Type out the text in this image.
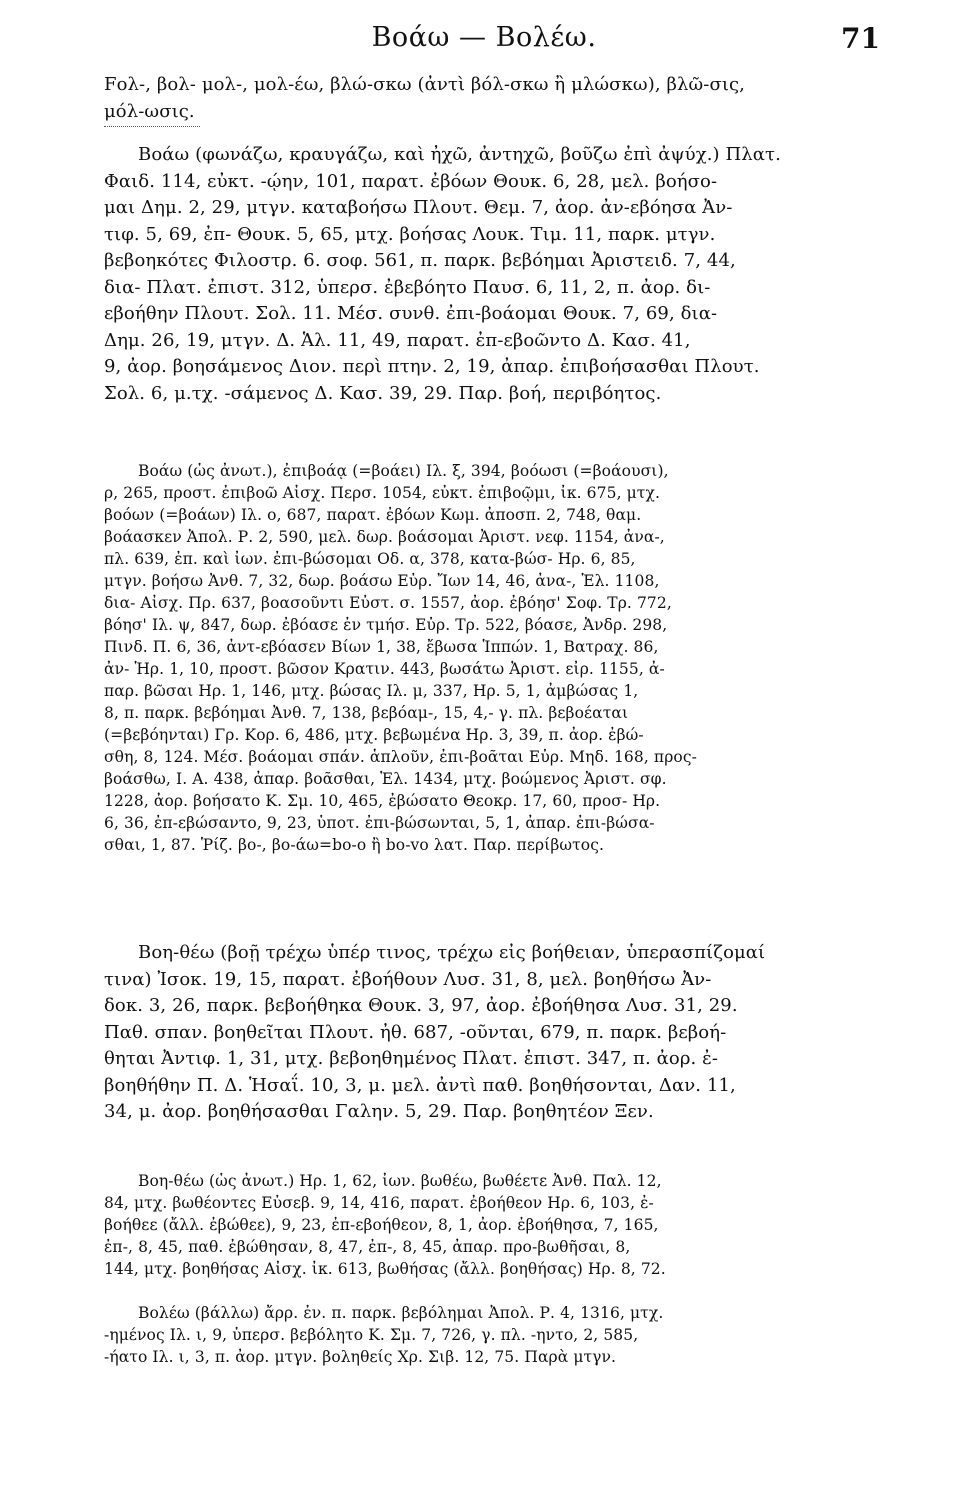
Βοάω — Βολέω.	71
Fολ-, βολ- μολ-, μολ-έω, βλώ-σκω (ἀντὶ βόλ-σκω ἢ μλώσκω), βλῶ-σις,
μόλ-ωσις.
Βοάω (φωνάζω, κραυγάζω, καὶ ἠχῶ, ἀντηχῶ, βοῦζω ἐπὶ ἀψύχ.) Πλατ.
Φαιδ. 114, εὐκτ. -ῴην, 101, παρατ. ἐβόων Θουκ. 6, 28, μελ. βοήσο-
μαι Δημ. 2, 29, μτγν. καταβοήσω Πλουτ. Θεμ. 7, ἀορ. ἀν-εβόησα Ἀν-
τιφ. 5, 69, ἐπ- Θουκ. 5, 65, μτχ. βοήσας Λουκ. Τιμ. 11, παρκ. μτγν.
βεβοηκότες Φιλοστρ. 6. σοφ. 561, π. παρκ. βεβόημαι Ἀριστειδ. 7, 44,
δια- Πλατ. ἐπιστ. 312, ὑπερσ. ἐβεβόητο Παυσ. 6, 11, 2, π. ἀορ. δι-
εβοήθην Πλουτ. Σολ. 11. Μέσ. συνθ. ἐπι-βοάομαι Θουκ. 7, 69, δια-
Δημ. 26, 19, μτγν. Δ. Ἁλ. 11, 49, παρατ. ἐπ-εβοῶντο Δ. Κασ. 41,
9, ἀορ. βοησάμενος Διον. περὶ πτην. 2, 19, ἀπαρ. ἐπιβοήσασθαι Πλουτ.
Σολ. 6, μ.τχ. -σάμενος Δ. Κασ. 39, 29. Παρ. βοή, περιβόητος.
Βοάω (ὡς ἀνωτ.), ἐπιβοάᾳ (=βοάει) Ιλ. ξ, 394, βοόωσι (=βοάουσι),
ρ, 265, προστ. ἐπιβοῶ Αἰσχ. Περσ. 1054, εὐκτ. ἐπιβοῷμι, ἰκ. 675, μτχ.
βοόων (=βοάων) Ιλ. ο, 687, παρατ. ἐβόων Κωμ. ἀποσπ. 2, 748, θαμ.
βοάασκεν Ἀπολ. Ρ. 2, 590, μελ. δωρ. βοάσομαι Ἀριστ. νεφ. 1154, ἀνα-,
πλ. 639, ἐπ. καὶ ἰων. ἐπι-βώσομαι Οδ. α, 378, κατα-βώσ- Ηρ. 6, 85,
μτγν. βοήσω Ἀνθ. 7, 32, δωρ. βοάσω Εὐρ. Ἴων 14, 46, ἀνα-, Ἑλ. 1108,
δια- Αἰσχ. Πρ. 637, βοασοῦντι Εὐστ. σ. 1557, ἀορ. ἐβόησ' Σοφ. Τρ. 772,
βόησ' Ιλ. ψ, 847, δωρ. ἐβόασε ἐν τμήσ. Εὐρ. Τρ. 522, βόασε, Ἀνδρ. 298,
Πινδ. Π. 6, 36, ἀντ-εβόασεν Βίων 1, 38, ἔβωσα Ἱππών. 1, Βατραχ. 86,
ἀν- Ἡρ. 1, 10, προστ. βῶσον Κρατιν. 443, βωσάτω Ἀριστ. εἰρ. 1155, ἀ-
παρ. βῶσαι Ηρ. 1, 146, μτχ. βώσας Ιλ. μ, 337, Ηρ. 5, 1, ἀμβώσας 1,
8, π. παρκ. βεβόημαι Ἀνθ. 7, 138, βεβόαμ-, 15, 4,- γ. πλ. βεβοέαται
(=βεβόηνται) Γρ. Κορ. 6, 486, μτχ. βεβωμένα Ηρ. 3, 39, π. ἀορ. ἐβώ-
σθη, 8, 124. Μέσ. βοάομαι σπάν. ἁπλοῦν, ἐπι-βοᾶται Εὐρ. Μηδ. 168, προς-
βοάσθω, Ι. Α. 438, ἀπαρ. βοᾶσθαι, Ἑλ. 1434, μτχ. βοώμενος Ἀριστ. σφ.
1228, ἀορ. βοήσατο Κ. Σμ. 10, 465, ἐβώσατο Θεοκρ. 17, 60, προσ- Ηρ.
6, 36, ἐπ-εβώσαντο, 9, 23, ὑποτ. ἐπι-βώσωνται, 5, 1, ἀπαρ. ἐπι-βώσα-
σθαι, 1, 87. Ῥίζ. βο-, βο-άω=bo-o ἢ bo-vo λατ. Παρ. περίβωτος.
Βοη-θέω (βοῇ τρέχω ὑπέρ τινος, τρέχω εἰς βοήθειαν, ὑπερασπίζομαί
τινα) Ἰσοκ. 19, 15, παρατ. ἐβοήθουν Λυσ. 31, 8, μελ. βοηθήσω Ἀν-
δοκ. 3, 26, παρκ. βεβοήθηκα Θουκ. 3, 97, ἀορ. ἐβοήθησα Λυσ. 31, 29.
Παθ. σπαν. βοηθεῖται Πλουτ. ἠθ. 687, -οῦνται, 679, π. παρκ. βεβοή-
θηται Ἀντιφ. 1, 31, μτχ. βεβοηθημένος Πλατ. ἐπιστ. 347, π. ἀορ. ἐ-
βοηθήθην Π. Δ. Ἡσαΐ. 10, 3, μ. μελ. ἀντὶ παθ. βοηθήσονται, Δαν. 11,
34, μ. ἀορ. βοηθήσασθαι Γαλην. 5, 29. Παρ. βοηθητέον Ξεν.
Βοη-θέω (ὡς ἀνωτ.) Ηρ. 1, 62, ἰων. βωθέω, βωθέετε Ἀνθ. Παλ. 12,
84, μτχ. βωθέοντες Εὐσεβ. 9, 14, 416, παρατ. ἐβοήθεον Ηρ. 6, 103, ἐ-
βοήθεε (ἄλλ. ἐβώθεε), 9, 23, ἐπ-εβοήθεον, 8, 1, ἀορ. ἐβοήθησα, 7, 165,
ἐπ-, 8, 45, παθ. ἐβώθησαν, 8, 47, ἐπ-, 8, 45, ἀπαρ. προ-βωθῆσαι, 8,
144, μτχ. βοηθήσας Αἰσχ. ἰκ. 613, βωθήσας (ἄλλ. βοηθήσας) Ηρ. 8, 72.
Βολέω (βάλλω) ἄρρ. ἐν. π. παρκ. βεβόλημαι Ἀπολ. Ρ. 4, 1316, μτχ.
-ημένος Ιλ. ι, 9, ὑπερσ. βεβόλητο Κ. Σμ. 7, 726, γ. πλ. -ηντο, 2, 585,
-ήατο Ιλ. ι, 3, π. ἀορ. μτγν. βοληθείς Χρ. Σιβ. 12, 75. Παρὰ μτγν.
